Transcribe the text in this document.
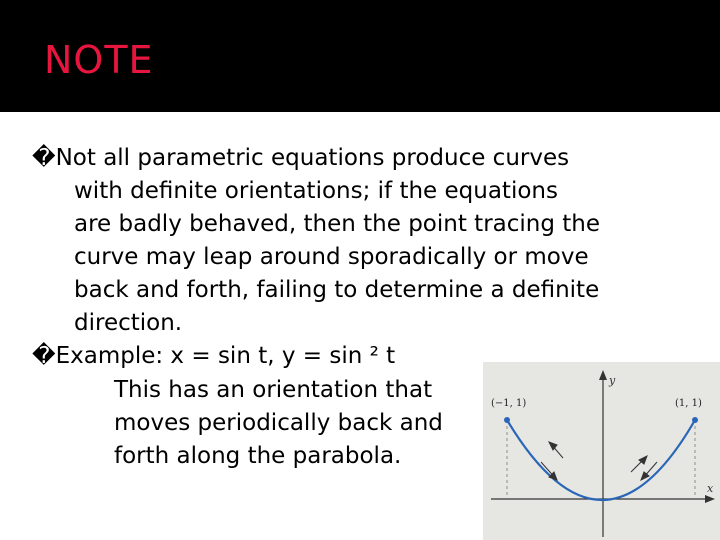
NOTE
�Not all parametric equations produce curves
with definite orientations; if the equations
are badly behaved, then the point tracing the
curve may leap around sporadically or move
back and forth, failing to determine a definite
direction.
�Example: x = sin t, y = sin ² t
This has an orientation that
moves periodically back and
forth along the parabola.
y
x
(−1, 1)	(1, 1)
